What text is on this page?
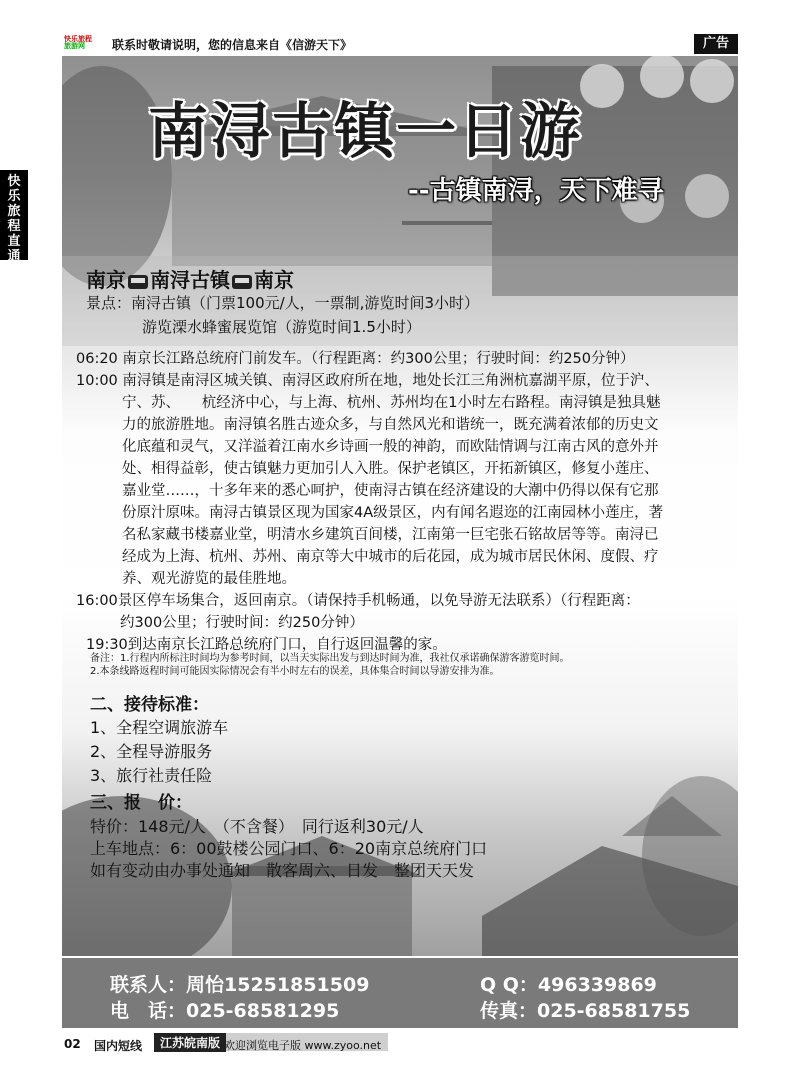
快乐旅程
旅游网	联系时敬请说明，您的信息来自《信游天下》	广告
快乐旅程直通车
南浔古镇一日游
--古镇南浔，天下难寻
南京 南浔古镇 南京
景点：南浔古镇（门票100元/人，一票制,游览时间3小时）
游览溧水蜂蜜展览馆（游览时间1.5小时）
06:20 南京长江路总统府门前发车。（行程距离：约300公里；行驶时间：约250分钟）
10:00 南浔镇是南浔区城关镇、南浔区政府所在地，地处长江三角洲杭嘉湖平原，位于沪、
宁、苏、　　杭经济中心，与上海、杭州、苏州均在1小时左右路程。南浔镇是独具魅
力的旅游胜地。南浔镇名胜古迹众多，与自然风光和谐统一，既充满着浓郁的历史文
化底蕴和灵气，又洋溢着江南水乡诗画一般的神韵，而欧陆情调与江南古风的意外并
处、相得益彰，使古镇魅力更加引人入胜。保护老镇区，开拓新镇区，修复小莲庄、
嘉业堂……，十多年来的悉心呵护，使南浔古镇在经济建设的大潮中仍得以保有它那
份原汁原味。南浔古镇景区现为国家4A级景区，内有闻名遐迩的江南园林小莲庄，著
名私家藏书楼嘉业堂，明清水乡建筑百间楼，江南第一巨宅张石铭故居等等。南浔已
经成为上海、杭州、苏州、南京等大中城市的后花园，成为城市居民休闲、度假、疗
养、观光游览的最佳胜地。
16:00景区停车场集合，返回南京。（请保持手机畅通，以免导游无法联系）（行程距离：
约300公里；行驶时间：约250分钟）
19:30到达南京长江路总统府门口，自行返回温馨的家。
备注：1.行程内所标注时间均为参考时间，以当天实际出发与到达时间为准，我社仅承诺确保游客游览时间。
2.本条线路返程时间可能因实际情况会有半小时左右的误差，具体集合时间以导游安排为准。
二、接待标准：
1、全程空调旅游车
2、全程导游服务
3、旅行社责任险
三、报　价：
特价：148元/人　（不含餐）　同行返利30元/人
上车地点：6：00鼓楼公园门口、6：20南京总统府门口
如有变动由办事处通知　散客周六、日发　整团天天发
联系人：周怡15251851509
电　话：025-68581295
Q Q：496339869
传真：025-68581755
02 国内短线	江苏皖南版 欢迎浏览电子版 www.zyoo.net
